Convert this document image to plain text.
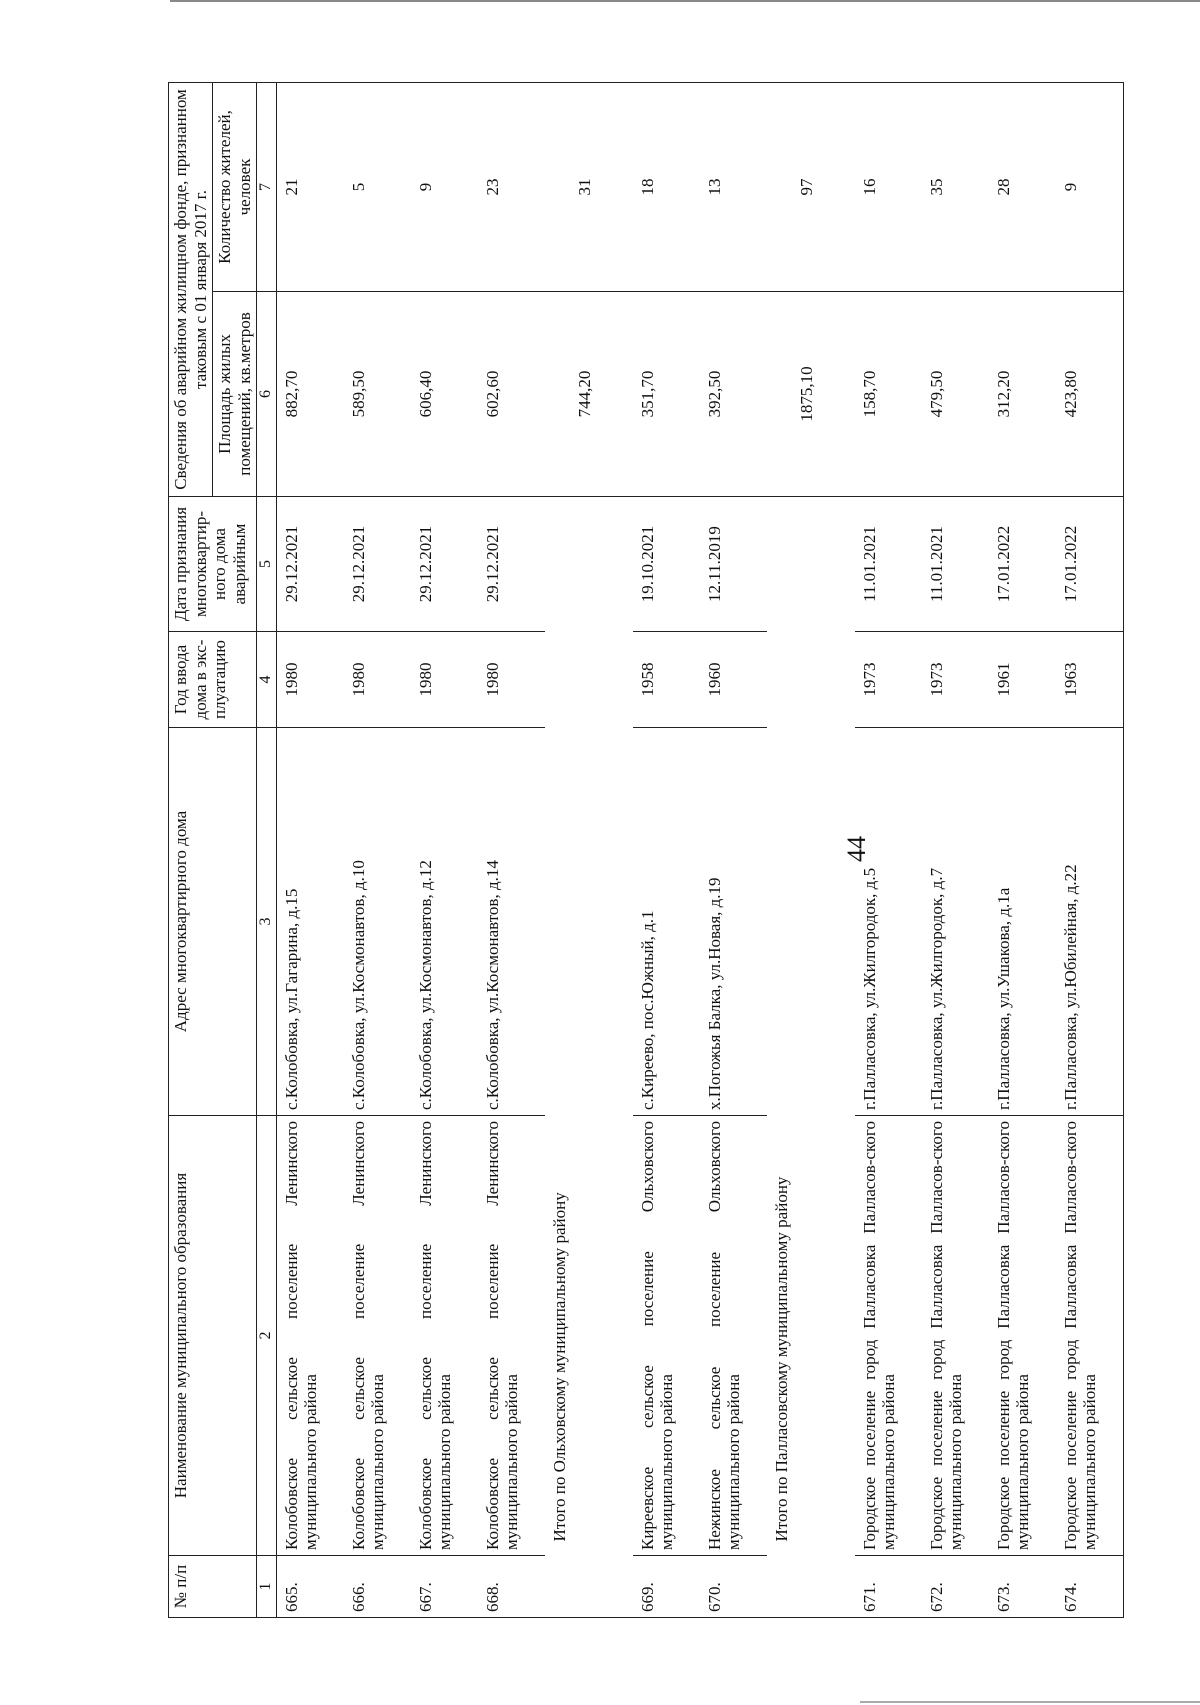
44
№ п/п	Наименование муниципального образования	Адрес многоквартирного дома	Год ввода дома в экс-плуатацию	Дата признания многоквартир-ного дома аварийным	Сведения об аварийном жилищном фонде, признанном таковым с 01 января 2017 г.	
					Площадь жилых помещений, кв.метров	Количество жителей, человек
1	2	3	4	5	6	7
665.	Колобовское сельское поселение Ленинского муниципального района	с.Колобовка, ул.Гагарина, д.15	1980	29.12.2021	882,70	21
666.	Колобовское сельское поселение Ленинского муниципального района	с.Колобовка, ул.Космонавтов, д.10	1980	29.12.2021	589,50	5
667.	Колобовское сельское поселение Ленинского муниципального района	с.Колобовка, ул.Космонавтов, д.12	1980	29.12.2021	606,40	9
668.	Колобовское сельское поселение Ленинского муниципального района	с.Колобовка, ул.Космонавтов, д.14	1980	29.12.2021	602,60	23
	Итого по Ольховскому муниципальному району				744,20	31
669.	Киреевское сельское поселение Ольховского муниципального района	с.Киреево, пос.Южный, д.1	1958	19.10.2021	351,70	18
670.	Нежинское сельское поселение Ольховского муниципального района	х.Погожья Балка, ул.Новая, д.19	1960	12.11.2019	392,50	13
	Итого по Палласовскому муниципальному району				1875,10	97
671.	Городское поселение город Палласовка Палласов-ского муниципального района	г.Палласовка, ул.Жилгородок, д.5	1973	11.01.2021	158,70	16
672.	Городское поселение город Палласовка Палласов-ского муниципального района	г.Палласовка, ул.Жилгородок, д.7	1973	11.01.2021	479,50	35
673.	Городское поселение город Палласовка Палласов-ского муниципального района	г.Палласовка, ул.Ушакова, д.1а	1961	17.01.2022	312,20	28
674.	Городское поселение город Палласовка Палласов-ского муниципального района	г.Палласовка, ул.Юбилейная, д.22	1963	17.01.2022	423,80	9
